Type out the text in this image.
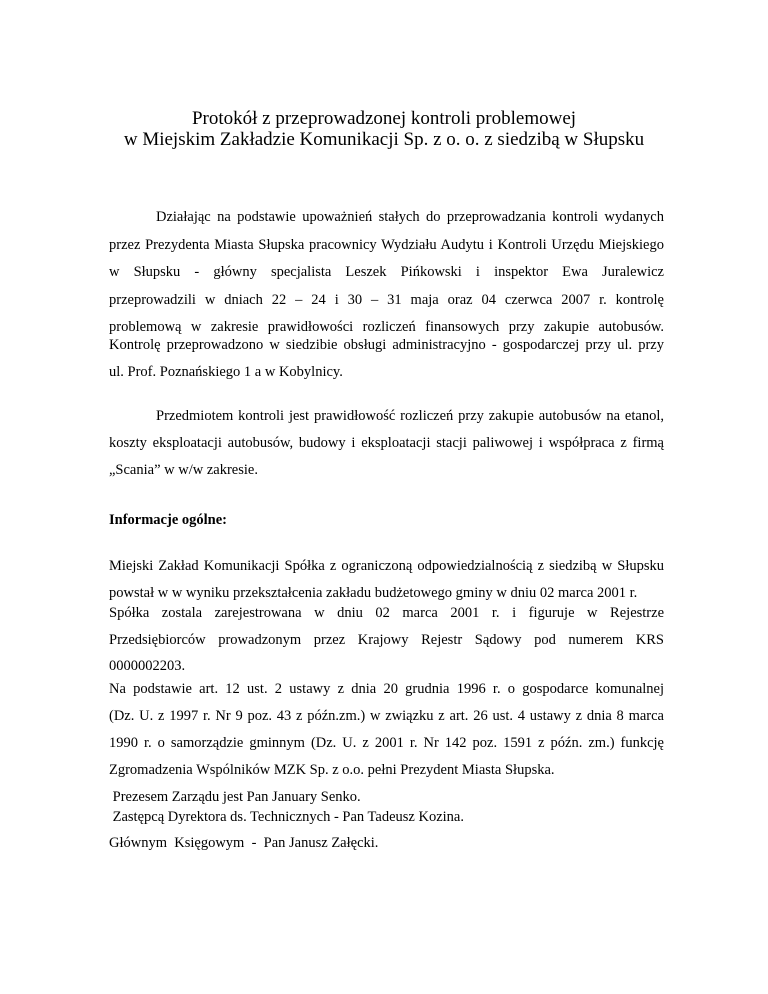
Protokół z przeprowadzonej kontroli problemowej
w Miejskim Zakładzie Komunikacji Sp. z o. o. z siedzibą w Słupsku
Działając na podstawie upoważnień stałych do przeprowadzania kontroli wydanych
przez Prezydenta Miasta Słupska pracownicy Wydziału Audytu i Kontroli Urzędu Miejskiego
w Słupsku - główny specjalista Leszek Pińkowski i inspektor Ewa Juralewicz
przeprowadzili w dniach 22 – 24 i 30 – 31 maja oraz 04 czerwca 2007 r. kontrolę
problemową w zakresie prawidłowości rozliczeń finansowych przy zakupie autobusów.
Kontrolę przeprowadzono w siedzibie obsługi administracyjno - gospodarczej przy ul. przy
ul. Prof. Poznańskiego 1 a w Kobylnicy.
Przedmiotem kontroli jest prawidłowość rozliczeń przy zakupie autobusów na etanol,
koszty eksploatacji autobusów, budowy i eksploatacji stacji paliwowej i współpraca z firmą
„Scania” w w/w zakresie.
Informacje ogólne:
Miejski Zakład Komunikacji Spółka z ograniczoną odpowiedzialnością z siedzibą w Słupsku
powstał w w wyniku przekształcenia zakładu budżetowego gminy w dniu 02 marca 2001 r.
Spółka zostala zarejestrowana w dniu 02 marca 2001 r. i figuruje w Rejestrze
Przedsiębiorców prowadzonym przez Krajowy Rejestr Sądowy pod numerem KRS
0000002203.
Na podstawie art. 12 ust. 2 ustawy z dnia 20 grudnia 1996 r. o gospodarce komunalnej
(Dz. U. z 1997 r. Nr 9 poz. 43 z późn.zm.) w związku z art. 26 ust. 4 ustawy z dnia 8 marca
1990 r. o samorządzie gminnym (Dz. U. z 2001 r. Nr 142 poz. 1591 z późn. zm.) funkcję
Zgromadzenia Wspólników MZK Sp. z o.o. pełni Prezydent Miasta Słupska.
Prezesem Zarządu jest Pan January Senko.
Zastępcą Dyrektora ds. Technicznych - Pan Tadeusz Kozina.
Głównym  Księgowym  -  Pan Janusz Załęcki.
